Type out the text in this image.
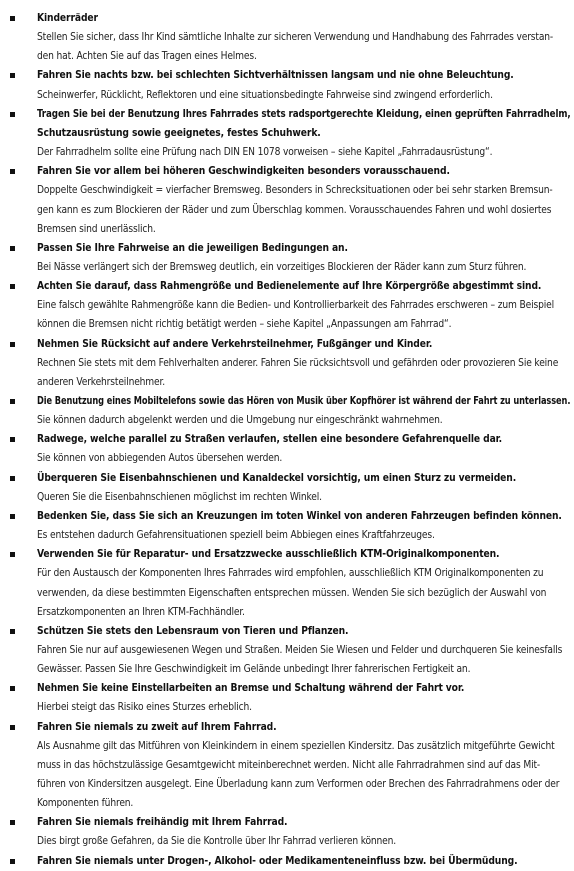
Kinderräder
Stellen Sie sicher, dass Ihr Kind sämtliche Inhalte zur sicheren Verwendung und Handhabung des Fahrrades verstan-
den hat. Achten Sie auf das Tragen eines Helmes.
Fahren Sie nachts bzw. bei schlechten Sichtverhältnissen langsam und nie ohne Beleuchtung.
Scheinwerfer, Rücklicht, Reflektoren und eine situationsbedingte Fahrweise sind zwingend erforderlich.
Tragen Sie bei der Benutzung Ihres Fahrrades stets radsportgerechte Kleidung, einen geprüften Fahrradhelm,
Schutzausrüstung sowie geeignetes, festes Schuhwerk.
Der Fahrradhelm sollte eine Prüfung nach DIN EN 1078 vorweisen – siehe Kapitel „Fahrradausrüstung“.
Fahren Sie vor allem bei höheren Geschwindigkeiten besonders vorausschauend.
Doppelte Geschwindigkeit = vierfacher Bremsweg. Besonders in Schrecksituationen oder bei sehr starken Bremsun-
gen kann es zum Blockieren der Räder und zum Überschlag kommen. Vorausschauendes Fahren und wohl dosiertes
Bremsen sind unerlässlich.
Passen Sie Ihre Fahrweise an die jeweiligen Bedingungen an.
Bei Nässe verlängert sich der Bremsweg deutlich, ein vorzeitiges Blockieren der Räder kann zum Sturz führen.
Achten Sie darauf, dass Rahmengröße und Bedienelemente auf Ihre Körpergröße abgestimmt sind.
Eine falsch gewählte Rahmengröße kann die Bedien- und Kontrollierbarkeit des Fahrrades erschweren – zum Beispiel
können die Bremsen nicht richtig betätigt werden – siehe Kapitel „Anpassungen am Fahrrad“.
Nehmen Sie Rücksicht auf andere Verkehrsteilnehmer, Fußgänger und Kinder.
Rechnen Sie stets mit dem Fehlverhalten anderer. Fahren Sie rücksichtsvoll und gefährden oder provozieren Sie keine
anderen Verkehrsteilnehmer.
Die Benutzung eines Mobiltelefons sowie das Hören von Musik über Kopfhörer ist während der Fahrt zu unterlassen.
Sie können dadurch abgelenkt werden und die Umgebung nur eingeschränkt wahrnehmen.
Radwege, welche parallel zu Straßen verlaufen, stellen eine besondere Gefahrenquelle dar.
Sie können von abbiegenden Autos übersehen werden.
Überqueren Sie Eisenbahnschienen und Kanaldeckel vorsichtig, um einen Sturz zu vermeiden.
Queren Sie die Eisenbahnschienen möglichst im rechten Winkel.
Bedenken Sie, dass Sie sich an Kreuzungen im toten Winkel von anderen Fahrzeugen befinden können.
Es entstehen dadurch Gefahrensituationen speziell beim Abbiegen eines Kraftfahrzeuges.
Verwenden Sie für Reparatur- und Ersatzzwecke ausschließlich KTM-Originalkomponenten.
Für den Austausch der Komponenten Ihres Fahrrades wird empfohlen, ausschließlich KTM Originalkomponenten zu
verwenden, da diese bestimmten Eigenschaften entsprechen müssen. Wenden Sie sich bezüglich der Auswahl von
Ersatzkomponenten an Ihren KTM-Fachhändler.
Schützen Sie stets den Lebensraum von Tieren und Pflanzen.
Fahren Sie nur auf ausgewiesenen Wegen und Straßen. Meiden Sie Wiesen und Felder und durchqueren Sie keinesfalls
Gewässer. Passen Sie Ihre Geschwindigkeit im Gelände unbedingt Ihrer fahrerischen Fertigkeit an.
Nehmen Sie keine Einstellarbeiten an Bremse und Schaltung während der Fahrt vor.
Hierbei steigt das Risiko eines Sturzes erheblich.
Fahren Sie niemals zu zweit auf Ihrem Fahrrad.
Als Ausnahme gilt das Mitführen von Kleinkindern in einem speziellen Kindersitz. Das zusätzlich mitgeführte Gewicht
muss in das höchstzulässige Gesamtgewicht miteinberechnet werden. Nicht alle Fahrradrahmen sind auf das Mit-
führen von Kindersitzen ausgelegt. Eine Überladung kann zum Verformen oder Brechen des Fahrradrahmens oder der
Komponenten führen.
Fahren Sie niemals freihändig mit Ihrem Fahrrad.
Dies birgt große Gefahren, da Sie die Kontrolle über Ihr Fahrrad verlieren können.
Fahren Sie niemals unter Drogen-, Alkohol- oder Medikamenteneinfluss bzw. bei Übermüdung.
